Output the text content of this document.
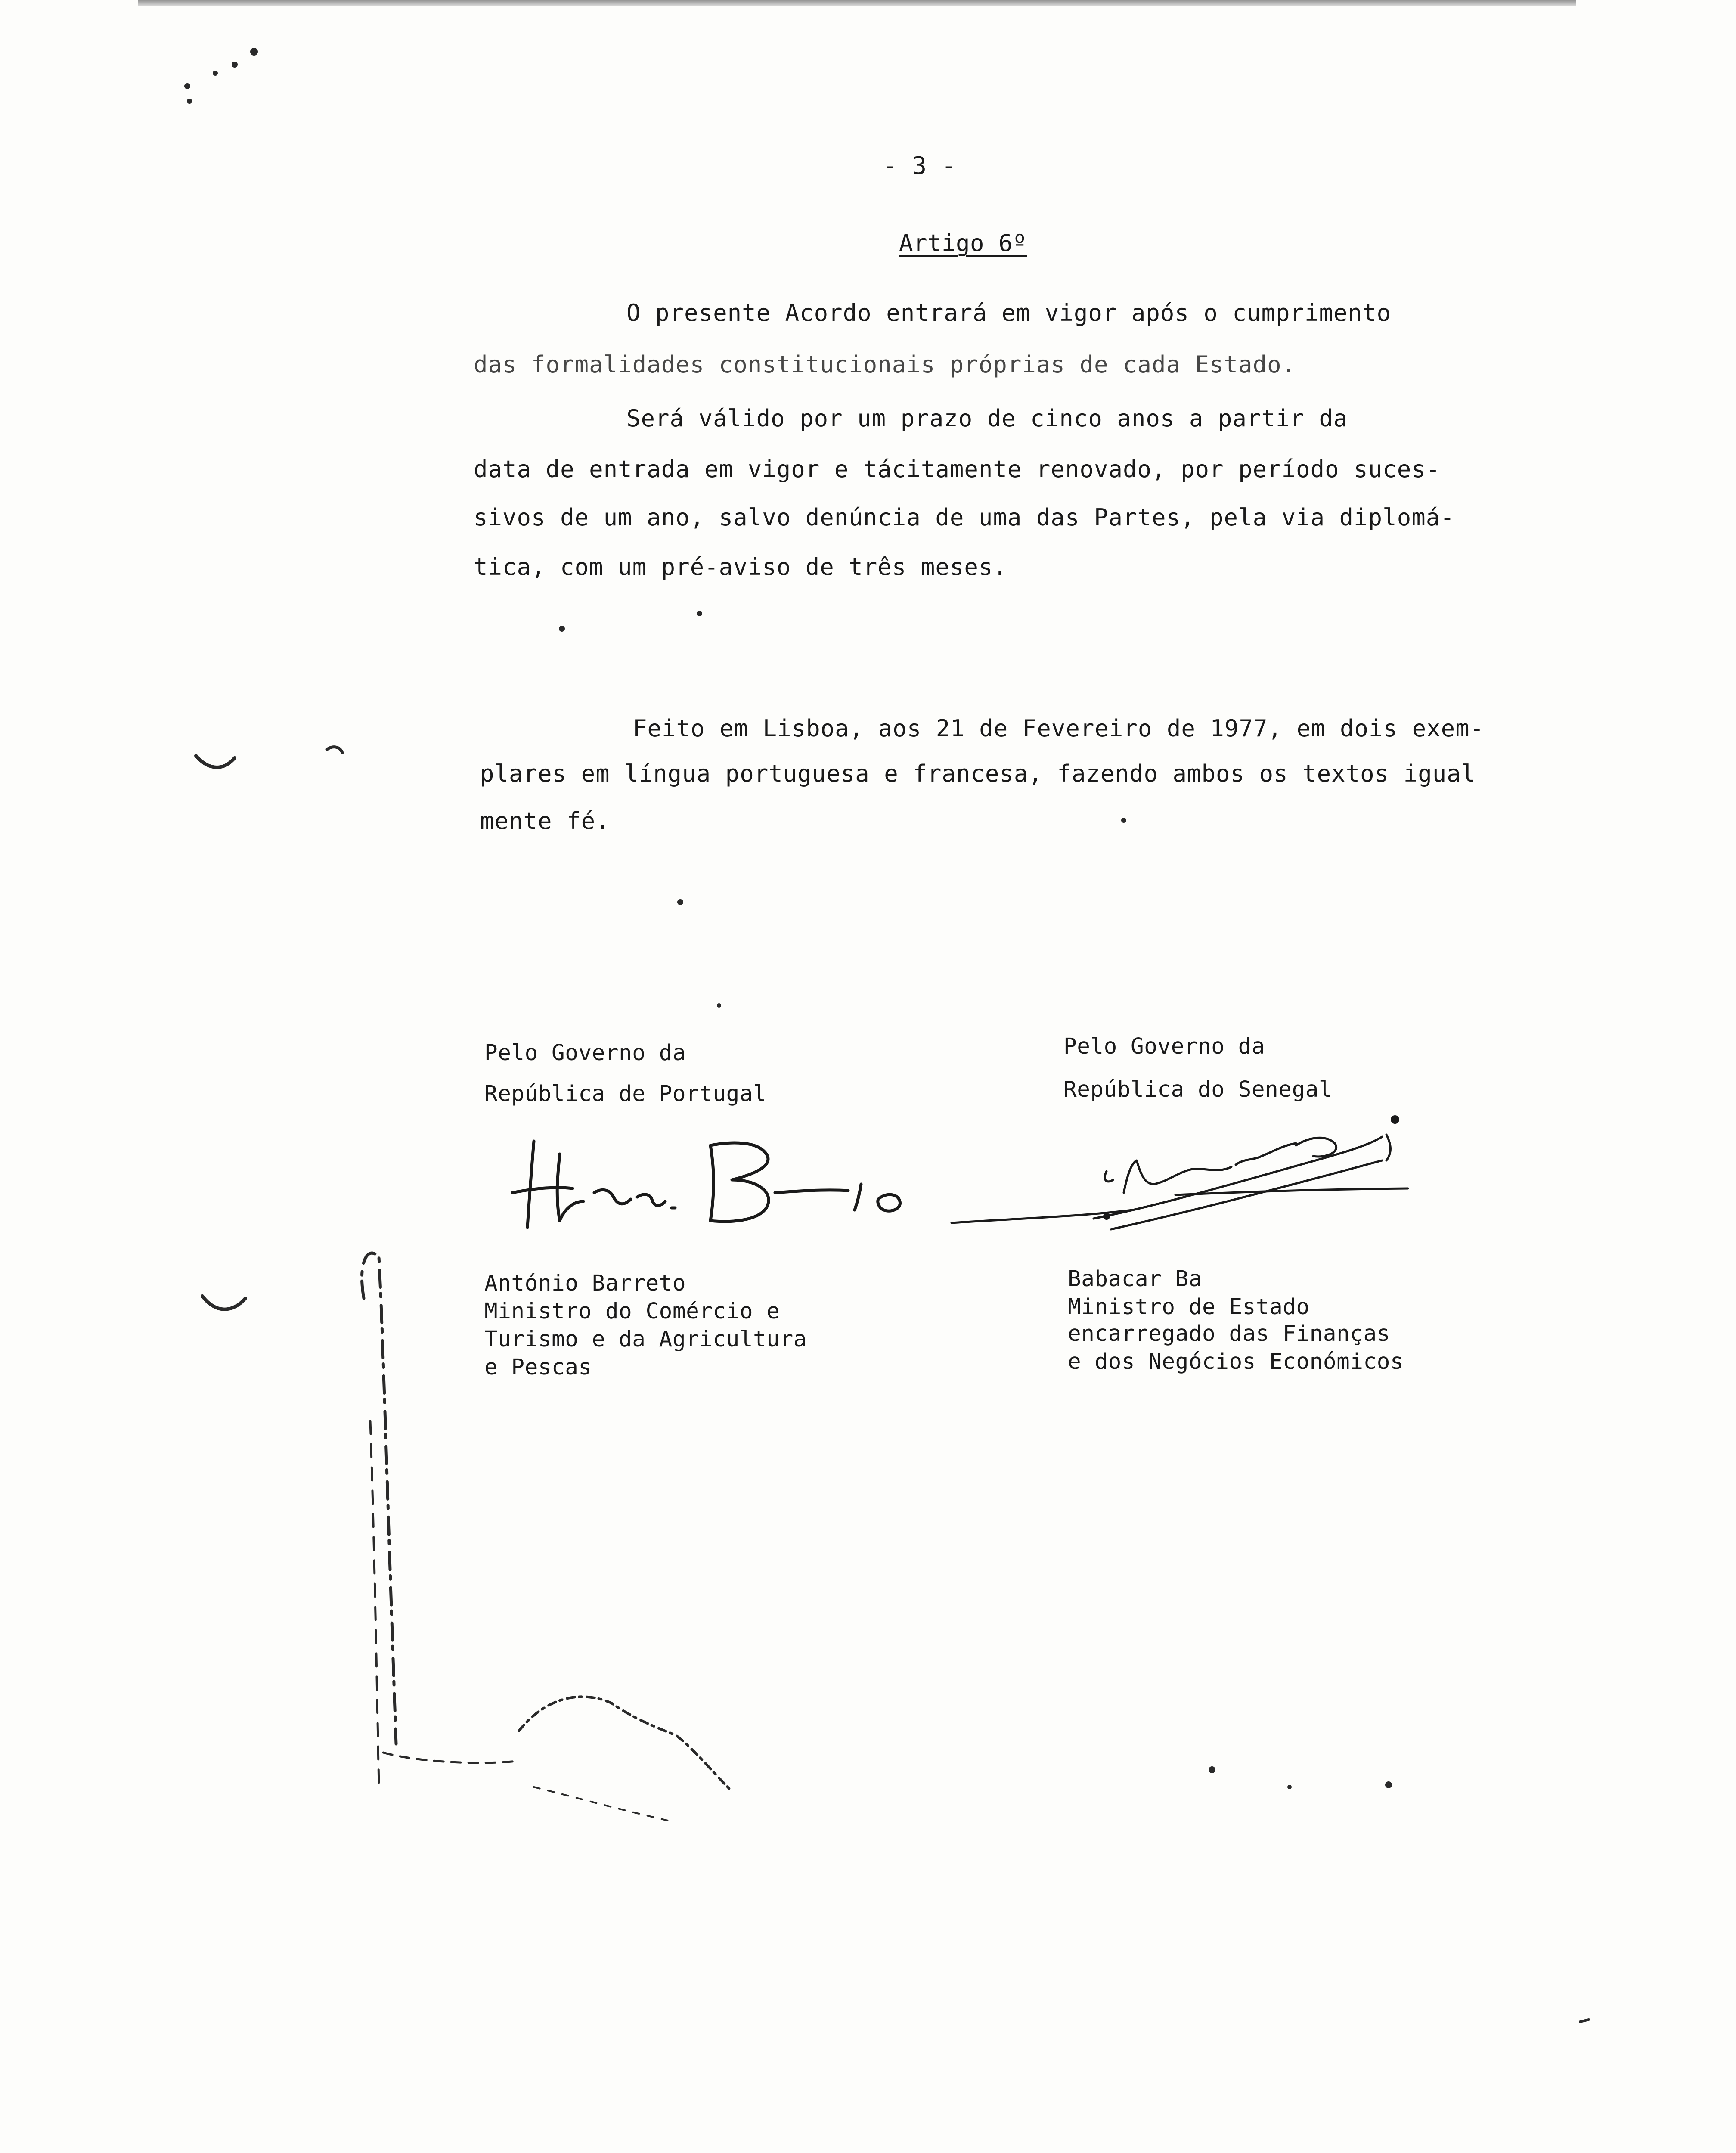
- 3 -
Artigo 6º
O presente Acordo entrará em vigor após o cumprimento
das formalidades constitucionais próprias de cada Estado.
Será válido por um prazo de cinco anos a partir da
data de entrada em vigor e tácitamente renovado, por período suces-
sivos de um ano, salvo denúncia de uma das Partes, pela via diplomá-
tica, com um pré-aviso de três meses.
Feito em Lisboa, aos 21 de Fevereiro de 1977, em dois exem-
plares em língua portuguesa e francesa, fazendo ambos os textos igual
mente fé.
Pelo Governo da
República de Portugal
António Barreto
Ministro do Comércio e
Turismo e da Agricultura
e Pescas
Pelo Governo da
República do Senegal
Babacar Ba
Ministro de Estado
encarregado das Finanças
e dos Negócios Económicos
